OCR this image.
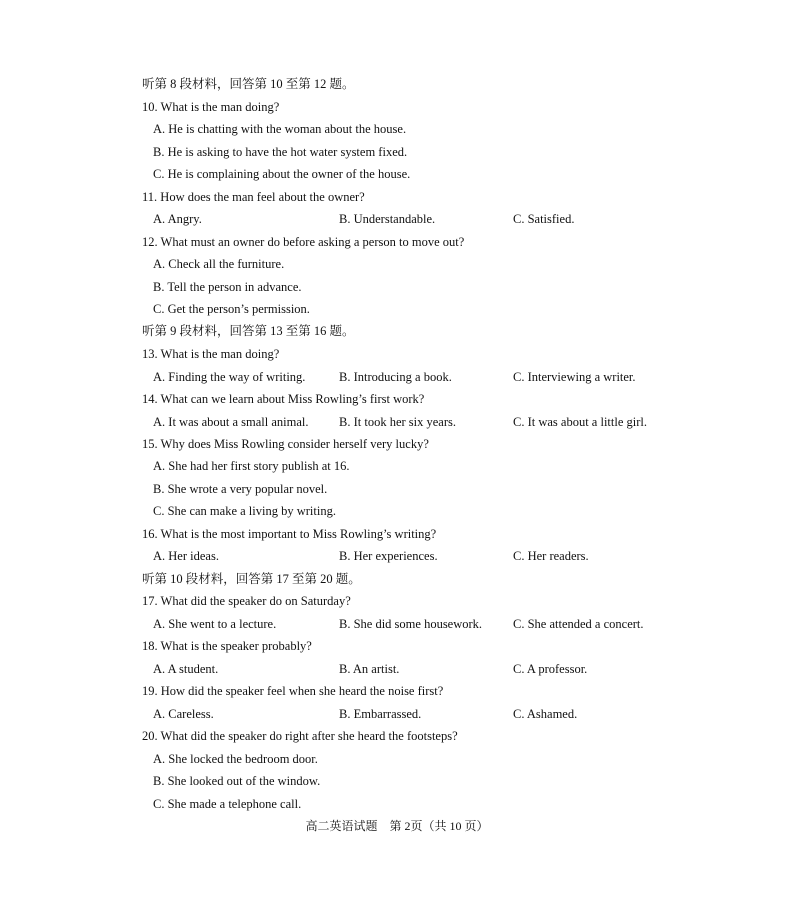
听第 8 段材料，回答第 10 至第 12 题。
10. What is the man doing?
A. He is chatting with the woman about the house.
B. He is asking to have the hot water system fixed.
C. He is complaining about the owner of the house.
11. How does the man feel about the owner?
A. Angry.	B. Understandable.	C. Satisfied.
12. What must an owner do before asking a person to move out?
A. Check all the furniture.
B. Tell the person in advance.
C. Get the person’s permission.
听第 9 段材料，回答第 13 至第 16 题。
13. What is the man doing?
A. Finding the way of writing.	B. Introducing a book.	C. Interviewing a writer.
14. What can we learn about Miss Rowling’s first work?
A. It was about a small animal. B. It took her six years.	C. It was about a little girl.
15. Why does Miss Rowling consider herself very lucky?
A. She had her first story publish at 16.
B. She wrote a very popular novel.
C. She can make a living by writing.
16. What is the most important to Miss Rowling’s writing?
A. Her ideas.	B. Her experiences.	C. Her readers.
听第 10 段材料，回答第 17 至第 20 题。
17. What did the speaker do on Saturday?
A. She went to a lecture.	B. She did some housework. C. She attended a concert.
18. What is the speaker probably?
A. A student.	B. An artist.	C. A professor.
19. How did the speaker feel when she heard the noise first?
A. Careless.	B. Embarrassed.	C. Ashamed.
20. What did the speaker do right after she heard the footsteps?
A. She locked the bedroom door.
B. She looked out of the window.
C. She made a telephone call.
高二英语试题　第 2页（共 10 页）
